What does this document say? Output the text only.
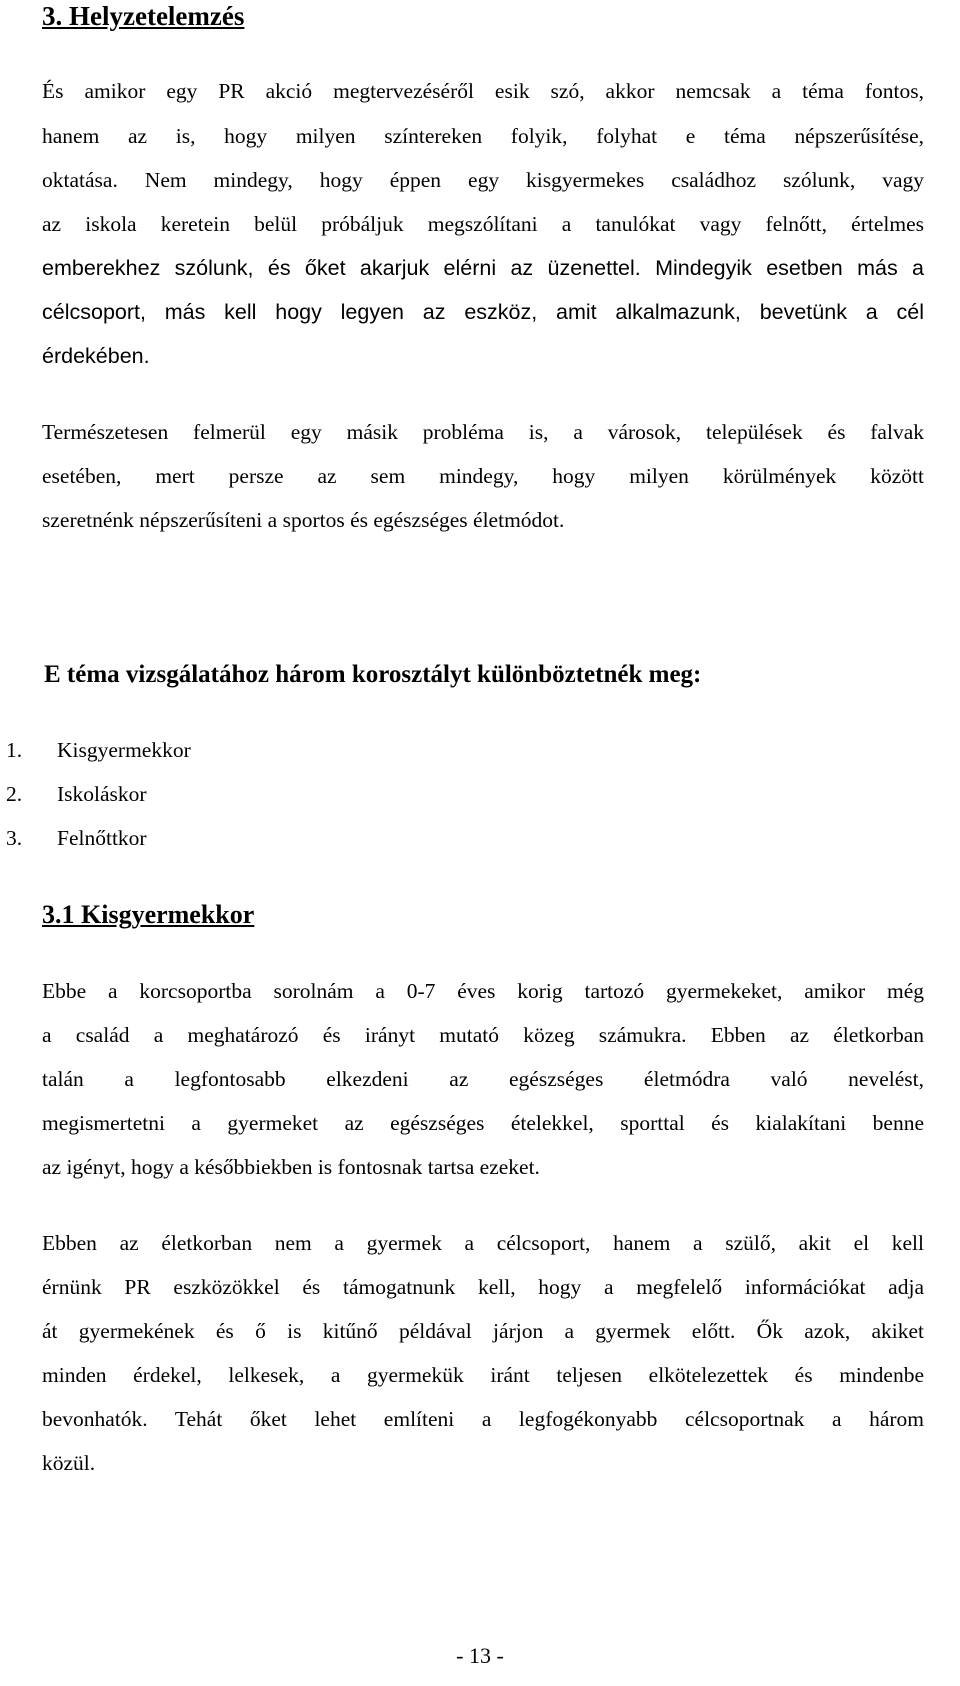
3. Helyzetelemzés
És amikor egy PR akció megtervezéséről esik szó, akkor nemcsak a téma fontos,
hanem az is, hogy milyen színtereken folyik, folyhat e téma népszerűsítése,
oktatása. Nem mindegy, hogy éppen egy kisgyermekes családhoz szólunk, vagy
az iskola keretein belül próbáljuk megszólítani a tanulókat vagy felnőtt, értelmes
emberekhez szólunk, és őket akarjuk elérni az üzenettel. Mindegyik esetben más a
célcsoport, más kell hogy legyen az eszköz, amit alkalmazunk, bevetünk a cél
érdekében.
Természetesen felmerül egy másik probléma is, a városok, települések és falvak
esetében, mert persze az sem mindegy, hogy milyen körülmények között
szeretnénk népszerűsíteni a sportos és egészséges életmódot.
E téma vizsgálatához három korosztályt különböztetnék meg:
1.	Kisgyermekkor
2.	Iskoláskor
3.	Felnőttkor
3.1 Kisgyermekkor
Ebbe a korcsoportba sorolnám a 0-7 éves korig tartozó gyermekeket, amikor még
a család a meghatározó és irányt mutató közeg számukra. Ebben az életkorban
talán a legfontosabb elkezdeni az egészséges életmódra való nevelést,
megismertetni a gyermeket az egészséges ételekkel, sporttal és kialakítani benne
az igényt, hogy a későbbiekben is fontosnak tartsa ezeket.
Ebben az életkorban nem a gyermek a célcsoport, hanem a szülő, akit el kell
érnünk PR eszközökkel és támogatnunk kell, hogy a megfelelő információkat adja
át gyermekének és ő is kitűnő példával járjon a gyermek előtt. Ők azok, akiket
minden érdekel, lelkesek, a gyermekük iránt teljesen elkötelezettek és mindenbe
bevonhatók. Tehát őket lehet említeni a legfogékonyabb célcsoportnak a három
közül.
- 13 -
